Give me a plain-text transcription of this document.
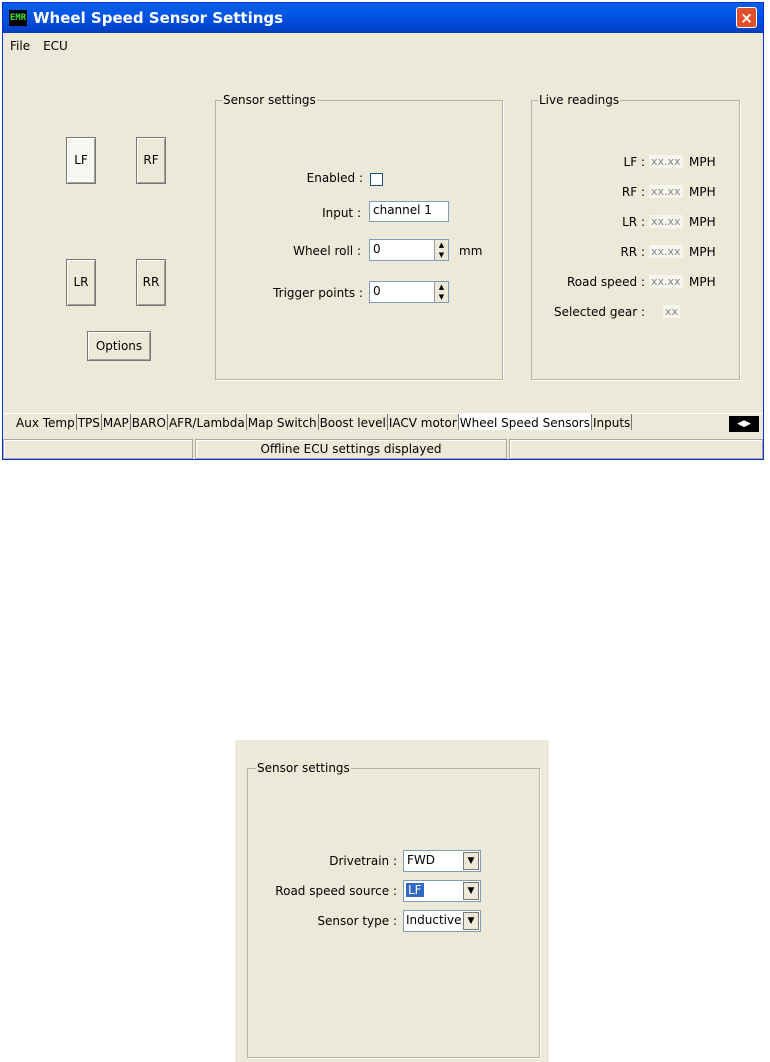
EMR Wheel Speed Sensor Settings	×
File ECU
LF	RF
LR	RR
Options
Sensor settings
Enabled :
Input :	channel 1
Wheel roll : 0	▲
▼	mm
Trigger points : 0	▲
▼
Live readings
LF : xx.xx MPH
RF : xx.xx MPH
LR : xx.xx MPH
RR : xx.xx MPH
Road speed : xx.xx MPH
Selected gear : xx
Aux Temp TPS MAP BARO AFR/Lambda Map Switch Boost level IACV motor Wheel Speed Sensors Inputs	◀▶
Offline ECU settings displayed
Sensor settings
Drivetrain : FWD	▼
Road speed source : LF	▼
Sensor type : Inductive ▼
